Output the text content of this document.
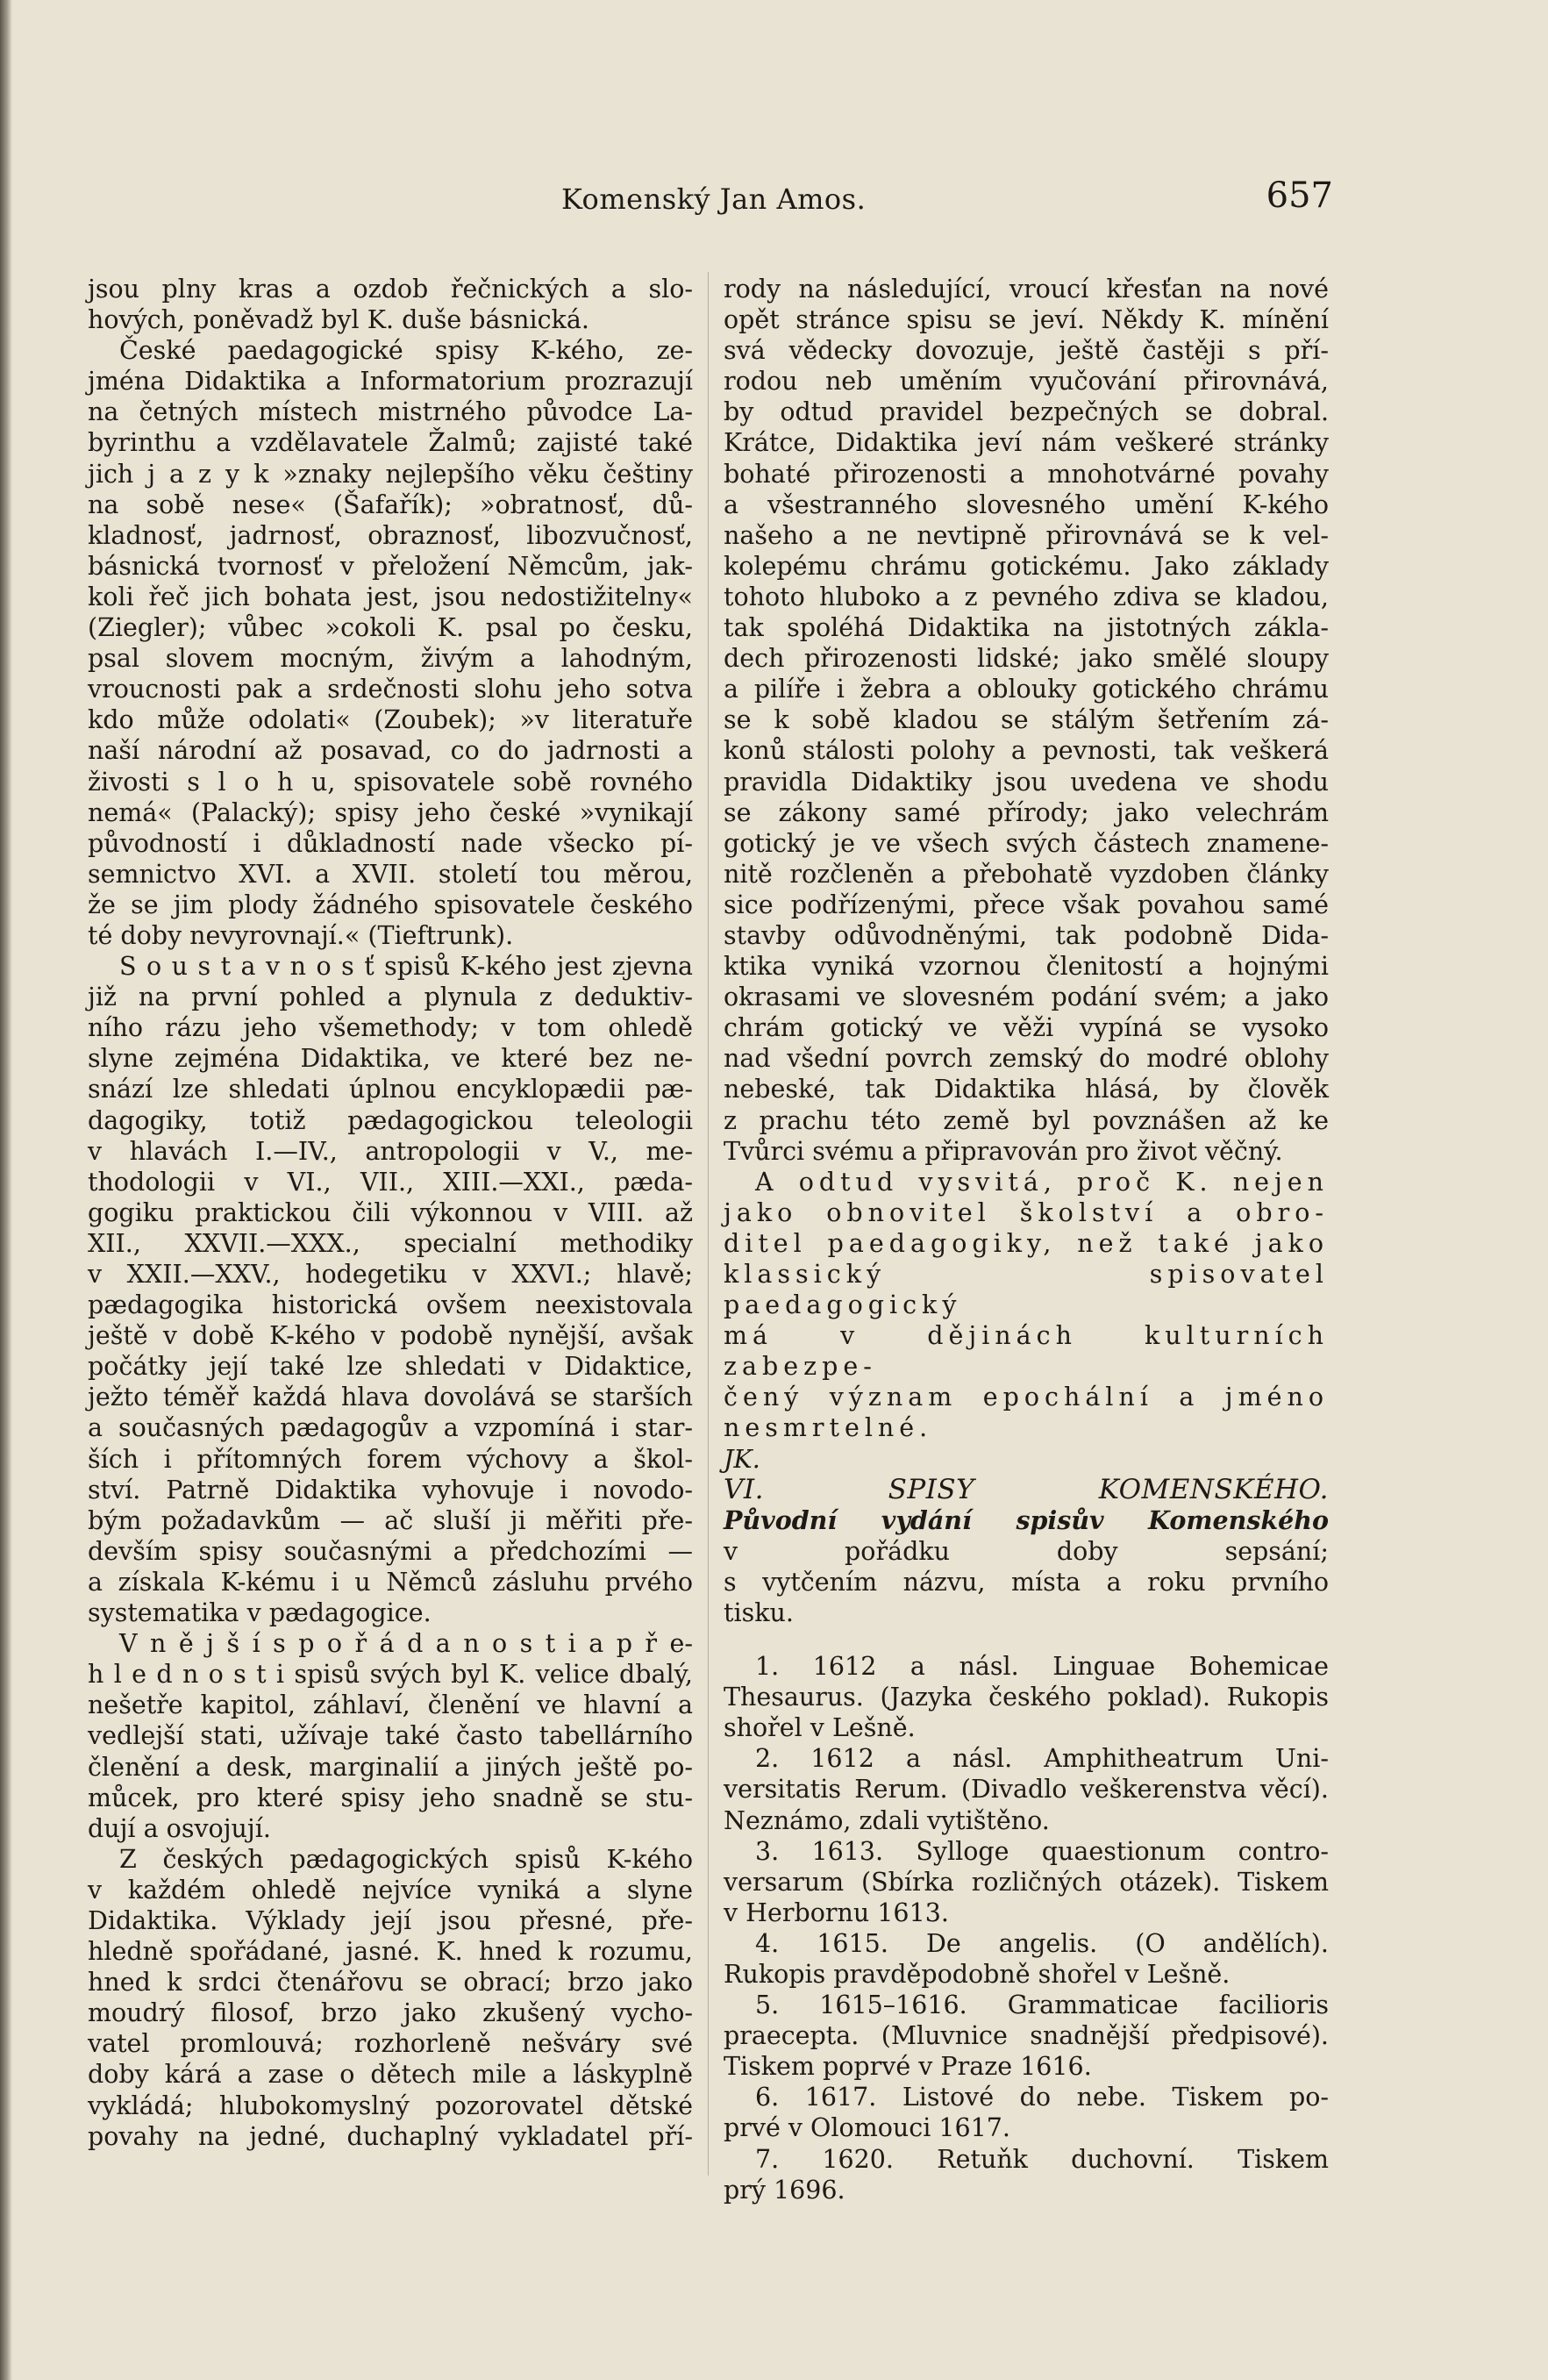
Komenský Jan Amos.	657

jsou plny kras a ozdob řečnických a slo-

hových, poněvadž byl K. duše básnická.

České paedagogické spisy K-kého, ze-

jména Didaktika a Informatorium prozrazují

na četných místech mistrného původce La-

byrinthu a vzdělavatele Žalmů; zajisté také

jich j a z y k »znaky nejlepšího věku češtiny

na sobě nese« (Šafařík); »obratnosť, dů-

kladnosť, jadrnosť, obraznosť, libozvučnosť,

básnická tvornosť v přeložení Němcům, jak-

koli řeč jich bohata jest, jsou nedostižitelny«

(Ziegler); vůbec »cokoli K. psal po česku,

psal slovem mocným, živým a lahodným,

vroucnosti pak a srdečnosti slohu jeho sotva

kdo může odolati« (Zoubek); »v literatuře

naší národní až posavad, co do jadrnosti a

živosti s l o h u, spisovatele sobě rovného

nemá« (Palacký); spisy jeho české »vynikají

původností i důkladností nade všecko pí-

semnictvo XVI. a XVII. století tou měrou,

že se jim plody žádného spisovatele českého

té doby nevyrovnají.« (Tieftrunk).

S o u s t a v n o s ť spisů K-kého jest zjevna

již na první pohled a plynula z deduktiv-

ního rázu jeho všemethody; v tom ohledě

slyne zejména Didaktika, ve které bez ne-

snází lze shledati úplnou encyklopædii pæ-

dagogiky, totiž pædagogickou teleologii

v hlavách I.—IV., antropologii v V., me-

thodologii v VI., VII., XIII.—XXI., pæda-

gogiku praktickou čili výkonnou v VIII. až

XII., XXVII.—XXX., specialní methodiky

v XXII.—XXV., hodegetiku v XXVI.; hlavě;

pædagogika historická ovšem neexistovala

ještě v době K-kého v podobě nynější, avšak

počátky její také lze shledati v Didaktice,

ježto téměř každá hlava dovolává se starších

a současných pædagogův a vzpomíná i star-

ších i přítomných forem výchovy a škol-

ství. Patrně Didaktika vyhovuje i novodo-

bým požadavkům — ač sluší ji měřiti pře-

devším spisy současnými a předchozími —

a získala K-kému i u Němců zásluhu prvého

systematika v pædagogice.

V n ě j š í s p o ř á d a n o s t i a p ř e-

h l e d n o s t i spisů svých byl K. velice dbalý,

nešetře kapitol, záhlaví, členění ve hlavní a

vedlejší stati, užívaje také často tabellárního

členění a desk, marginalií a jiných ještě po-

můcek, pro které spisy jeho snadně se stu-

dují a osvojují.

Z českých pædagogických spisů K-kého

v každém ohledě nejvíce vyniká a slyne

Didaktika. Výklady její jsou přesné, pře-

hledně spořádané, jasné. K. hned k rozumu,

hned k srdci čtenářovu se obrací; brzo jako

moudrý filosof, brzo jako zkušený vycho-

vatel promlouvá; rozhorleně nešváry své

doby kárá a zase o dětech mile a láskyplně

vykládá; hlubokomyslný pozorovatel dětské

povahy na jedné, duchaplný vykladatel pří-

rody na následující, vroucí křesťan na nové

opět stránce spisu se jeví. Někdy K. mínění

svá vědecky dovozuje, ještě častěji s pří-

rodou neb uměním vyučování přirovnává,

by odtud pravidel bezpečných se dobral.

Krátce, Didaktika jeví nám veškeré stránky

bohaté přirozenosti a mnohotvárné povahy

a všestranného slovesného umění K-kého

našeho a ne nevtipně přirovnává se k vel-

kolepému chrámu gotickému. Jako základy

tohoto hluboko a z pevného zdiva se kladou,

tak spoléhá Didaktika na jistotných zákla-

dech přirozenosti lidské; jako smělé sloupy

a pilíře i žebra a oblouky gotického chrámu

se k sobě kladou se stálým šetřením zá-

konů stálosti polohy a pevnosti, tak veškerá

pravidla Didaktiky jsou uvedena ve shodu

se zákony samé přírody; jako velechrám

gotický je ve všech svých částech znamene-

nitě rozčleněn a přebohatě vyzdoben články

sice podřízenými, přece však povahou samé

stavby odůvodněnými, tak podobně Dida-

ktika vyniká vzornou členitostí a hojnými

okrasami ve slovesném podání svém; a jako

chrám gotický ve věži vypíná se vysoko

nad všední povrch zemský do modré oblohy

nebeské, tak Didaktika hlásá, by člověk

z prachu této země byl povznášen až ke

Tvůrci svému a připravován pro život věčný.

A odtud vysvitá, proč K. nejen

jako obnovitel školství a obro-

ditel paedagogiky, než také jako

klassický spisovatel paedagogický

má v dějinách kulturních zabezpe-

čený význam epochální a jméno

nesmrtelné.

JK.

VI. SPISY KOMENSKÉHO.

Původní vydání spisův Komenského

v pořádku doby sepsání;

s vytčením názvu, místa a roku prvního

tisku.

1. 1612 a násl. Linguae Bohemicae

Thesaurus. (Jazyka českého poklad). Rukopis

shořel v Lešně.

2. 1612 a násl. Amphitheatrum Uni-

versitatis Rerum. (Divadlo veškerenstva věcí).

Neznámo, zdali vytištěno.

3. 1613. Sylloge quaestionum contro-

versarum (Sbírka rozličných otázek). Tiskem

v Herbornu 1613.

4. 1615. De angelis. (O andělích).

Rukopis pravděpodobně shořel v Lešně.

5. 1615–1616. Grammaticae facilioris

praecepta. (Mluvnice snadnější předpisové).

Tiskem poprvé v Praze 1616.

6. 1617. Listové do nebe. Tiskem po-

prvé v Olomouci 1617.

7. 1620. Retuňk duchovní. Tiskem

prý 1696.
